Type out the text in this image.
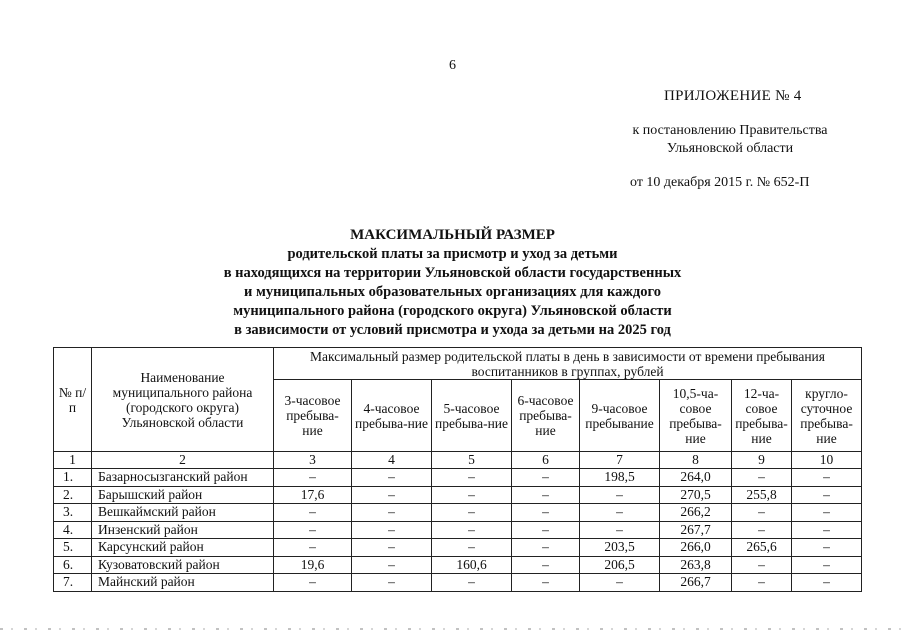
6
ПРИЛОЖЕНИЕ № 4
к постановлению Правительства
Ульяновской области
от 10 декабря 2015 г. № 652-П
МАКСИМАЛЬНЫЙ РАЗМЕР
родительской платы за присмотр и уход за детьми
в находящихся на территории Ульяновской области государственных
и муниципальных образовательных организациях для каждого
муниципального района (городского округа) Ульяновской области
в зависимости от условий присмотра и ухода за детьми на 2025 год
№ п/п	Наименование муниципального района (городского округа) Ульяновской области	Максимальный размер родительской платы в день в зависимости от времени пребывания воспитанников в группах, рублей							
		3-часовое пребыва-ние	4-часовое пребыва-ние	5-часовое пребыва-ние	6-часовое пребыва-ние	9-часовое пребывание	10,5-ча-совое пребыва-ние	12-ча-совое пребыва-ние	кругло-суточное пребыва-ние
1	2	3	4	5	6	7	8	9	10
1.	Базарносызганский район	–	–	–	–	198,5	264,0	–	–
2.	Барышский район	17,6	–	–	–	–	270,5	255,8	–
3.	Вешкаймский район	–	–	–	–	–	266,2	–	–
4.	Инзенский район	–	–	–	–	–	267,7	–	–
5.	Карсунский район	–	–	–	–	203,5	266,0	265,6	–
6.	Кузоватовский район	19,6	–	160,6	–	206,5	263,8	–	–
7.	Майнский район	–	–	–	–	–	266,7	–	–
